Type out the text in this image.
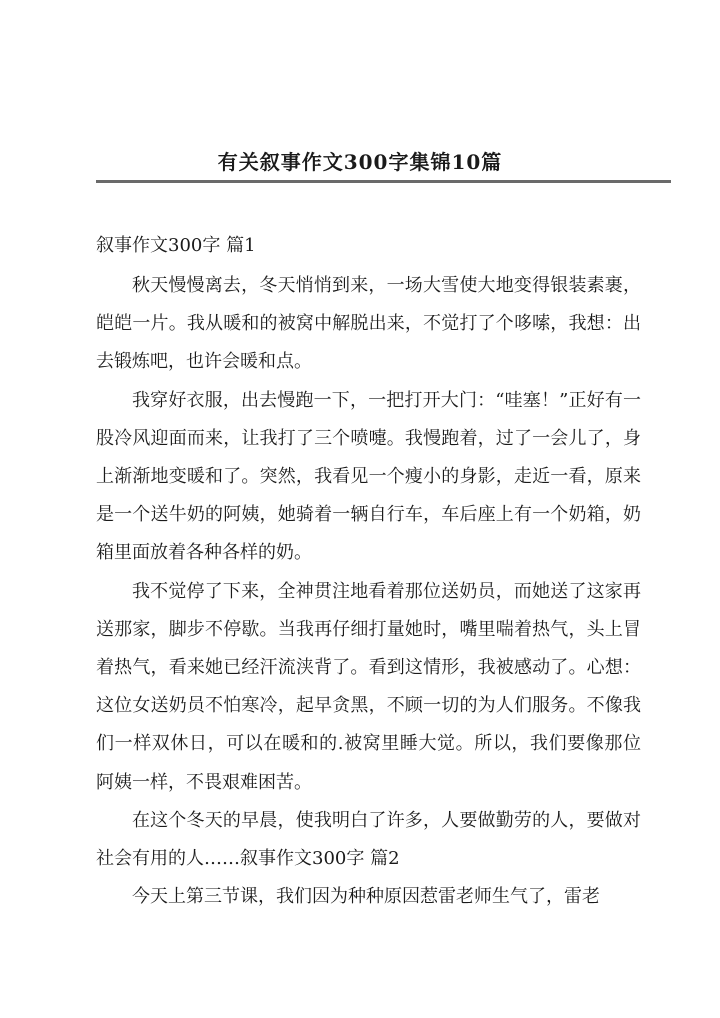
有关叙事作文300字集锦10篇
叙事作文300字 篇1

秋天慢慢离去，冬天悄悄到来，一场大雪使大地变得银装素裹，皑皑一片。我从暖和的被窝中解脱出来，不觉打了个哆嗦，我想：出去锻炼吧，也许会暖和点。

我穿好衣服，出去慢跑一下，一把打开大门：“哇塞！”正好有一股冷风迎面而来，让我打了三个喷嚏。我慢跑着，过了一会儿了，身上渐渐地变暖和了。突然，我看见一个瘦小的身影，走近一看，原来是一个送牛奶的阿姨，她骑着一辆自行车，车后座上有一个奶箱，奶箱里面放着各种各样的奶。

我不觉停了下来，全神贯注地看着那位送奶员，而她送了这家再送那家，脚步不停歇。当我再仔细打量她时，嘴里喘着热气，头上冒着热气，看来她已经汗流浃背了。看到这情形，我被感动了。心想：这位女送奶员不怕寒冷，起早贪黑，不顾一切的为人们服务。不像我们一样双休日，可以在暖和的.被窝里睡大觉。所以，我们要像那位阿姨一样，不畏艰难困苦。

在这个冬天的早晨，使我明白了许多，人要做勤劳的人，要做对社会有用的人……叙事作文300字 篇2

今天上第三节课，我们因为种种原因惹雷老师生气了，雷老
